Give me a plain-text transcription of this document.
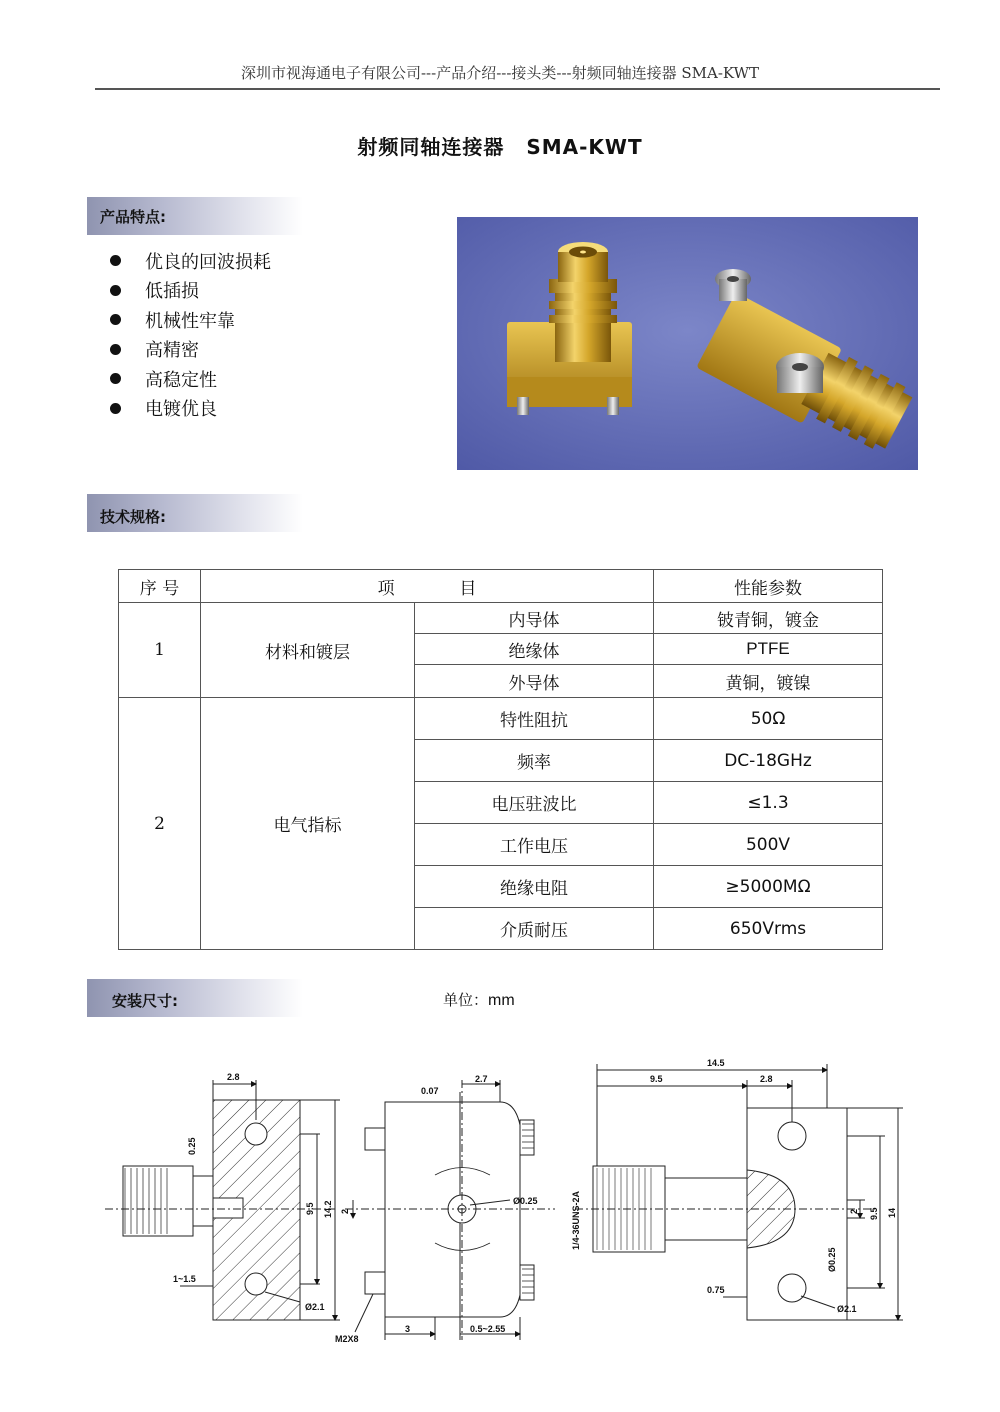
深圳市视海通电子有限公司---产品介绍---接头类---射频同轴连接器 SMA-KWT
射频同轴连接器 SMA-KWT
产品特点:
优良的回波损耗
低插损
机械性牢靠
高精密
高稳定性
电镀优良
技术规格:
序 号	项            目		性能参数
1	材料和镀层	内导体	铍青铜，镀金
		绝缘体	PTFE
		外导体	黄铜，镀镍
2	电气指标	特性阻抗	50Ω
		频率	DC-18GHz
		电压驻波比	≤1.3
		工作电压	500V
		绝缘电阻	≥5000MΩ
		介质耐压	650Vrms
安装尺寸:	单位：mm
2.8
0.25
9.5 14.2
1~1.5
Ø2.1
0.07
2.7
Ø0.25
2
M2X8
3	0.5~2.55
14.5
9.5	2.8
1/4-36UNS-2A	2 9.5 14
Ø0.25
0.75
Ø2.1
